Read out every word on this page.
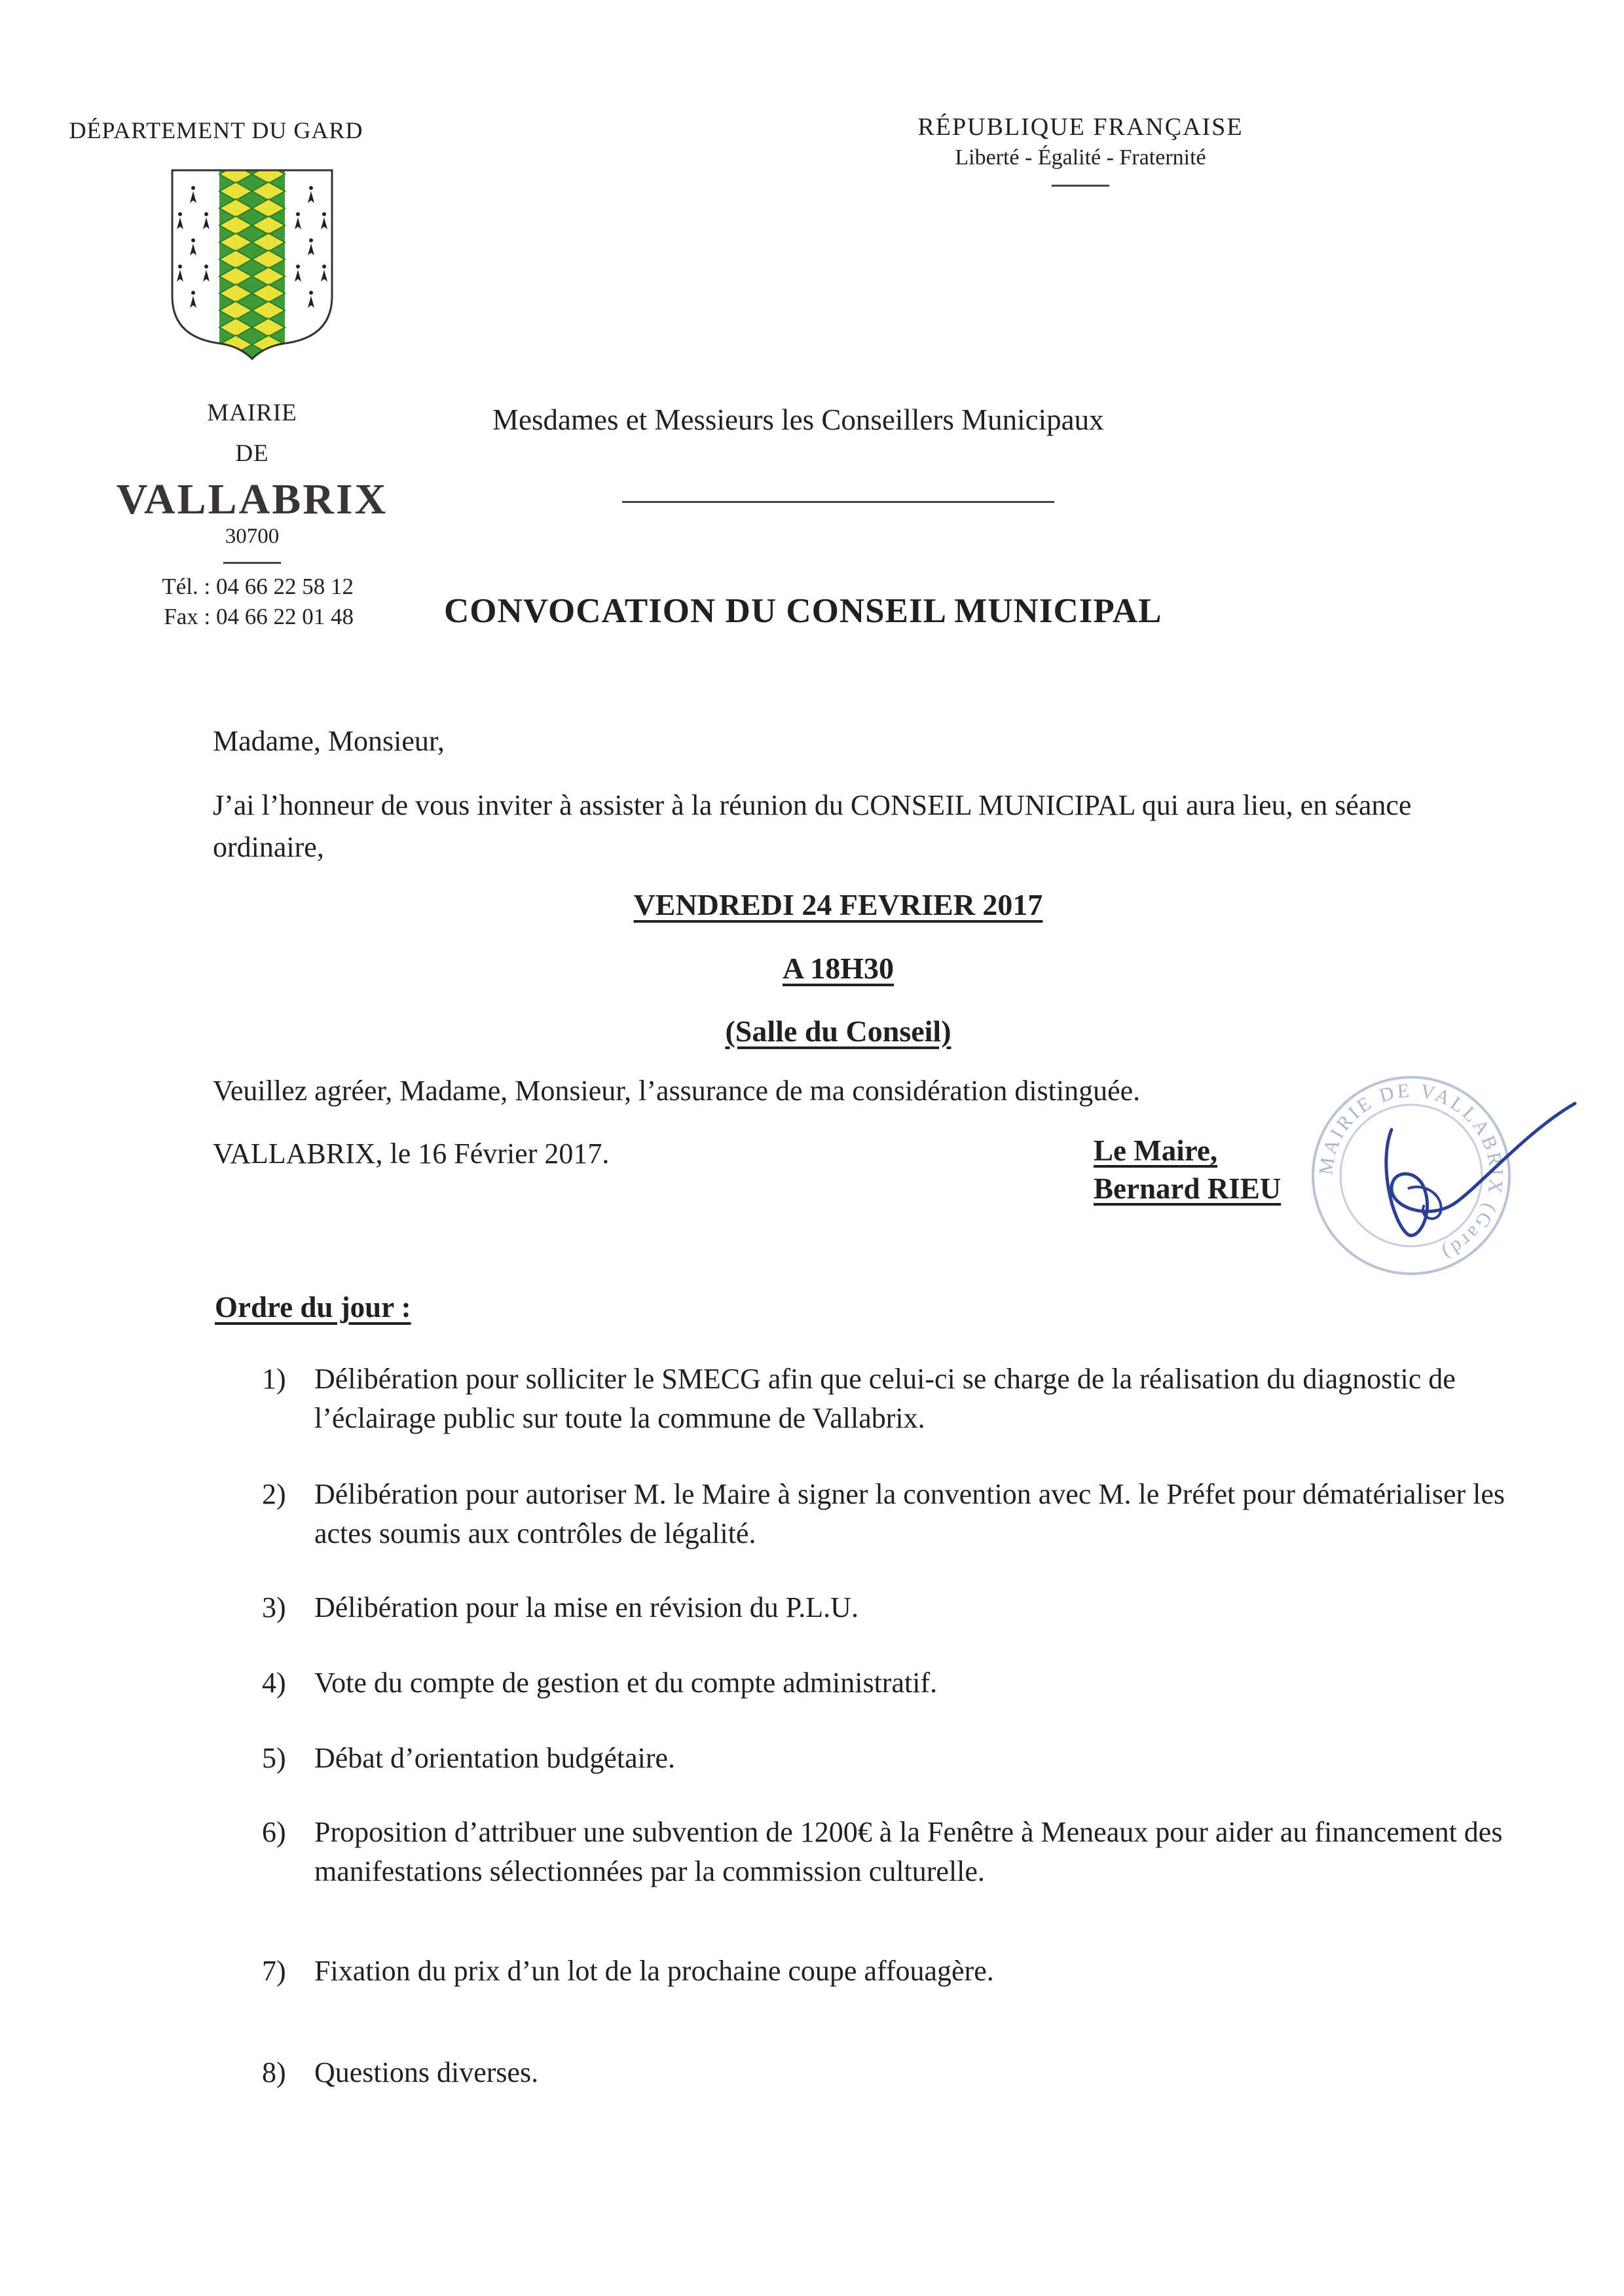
DÉPARTEMENT DU GARD	RÉPUBLIQUE FRANÇAISE
Liberté - Égalité - Fraternité
MAIRIE
DE
VALLABRIX
30700
Tél. : 04 66 22 58 12
Fax : 04 66 22 01 48
Mesdames et Messieurs les Conseillers Municipaux
CONVOCATION DU CONSEIL MUNICIPAL
Madame, Monsieur,
J’ai l’honneur de vous inviter à assister à la réunion du CONSEIL MUNICIPAL qui aura lieu, en séance ordinaire,
VENDREDI 24 FEVRIER 2017
A 18H30
(Salle du Conseil)
Veuillez agréer, Madame, Monsieur, l’assurance de ma considération distinguée.
VALLABRIX, le 16 Février 2017.	Le Maire,
Bernard RIEU
MAIRIE DE VALLABRIX (Gard)
Ordre du jour :
1) Délibération pour solliciter le SMECG afin que celui-ci se charge de la réalisation du diagnostic de l’éclairage public sur toute la commune de Vallabrix.
2) Délibération pour autoriser M. le Maire à signer la convention avec M. le Préfet pour dématérialiser les actes soumis aux contrôles de légalité.
3) Délibération pour la mise en révision du P.L.U.
4) Vote du compte de gestion et du compte administratif.
5) Débat d’orientation budgétaire.
6) Proposition d’attribuer une subvention de 1200€ à la Fenêtre à Meneaux pour aider au financement des manifestations sélectionnées par la commission culturelle.
7) Fixation du prix d’un lot de la prochaine coupe affouagère.
8) Questions diverses.
